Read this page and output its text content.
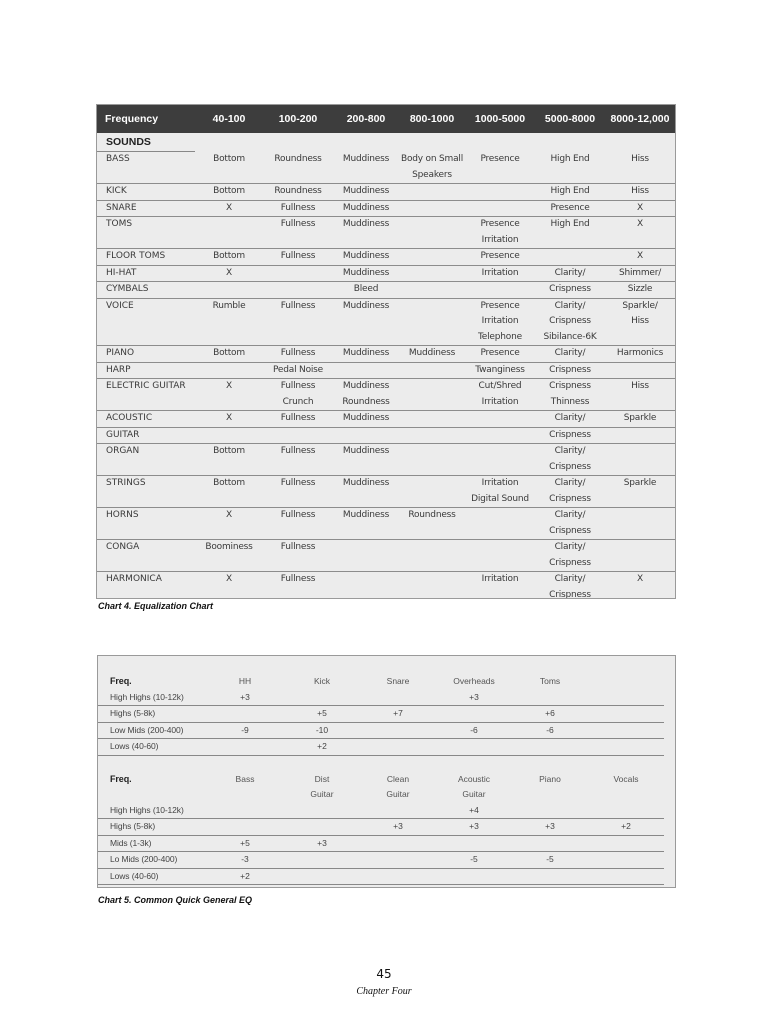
Frequency	40-100	100-200	200-800	800-1000	1000-5000	5000-8000	8000-12,000
SOUNDS							
BASS	Bottom	Roundness	Muddiness	Body on Small	Presence	High End	Hiss
				Speakers			
KICK	Bottom	Roundness	Muddiness			High End	Hiss
SNARE	X	Fullness	Muddiness			Presence	X
TOMS		Fullness	Muddiness		Presence	High End	X
					Irritation		
FLOOR TOMS	Bottom	Fullness	Muddiness		Presence		X
HI-HAT	X		Muddiness		Irritation	Clarity/	Shimmer/
CYMBALS			Bleed			Crispness	Sizzle
VOICE	Rumble	Fullness	Muddiness		Presence	Clarity/	Sparkle/
					Irritation	Crispness	Hiss
					Telephone	Sibilance-6K	
PIANO	Bottom	Fullness	Muddiness	Muddiness	Presence	Clarity/	Harmonics
HARP		Pedal Noise			Twanginess	Crispness	
ELECTRIC GUITAR	X	Fullness	Muddiness		Cut/Shred	Crispness	Hiss
		Crunch	Roundness		Irritation	Thinness	
ACOUSTIC	X	Fullness	Muddiness			Clarity/	Sparkle
GUITAR						Crispness	
ORGAN	Bottom	Fullness	Muddiness			Clarity/	
						Crispness	
STRINGS	Bottom	Fullness	Muddiness		Irritation	Clarity/	Sparkle
					Digital Sound	Crispness	
HORNS	X	Fullness	Muddiness	Roundness		Clarity/	
						Crispness	
CONGA	Boominess	Fullness				Clarity/	
						Crispness	
HARMONICA	X	Fullness			Irritation	Clarity/	X
						Crispness	
Chart 4. Equalization Chart
Freq.	HH	Kick	Snare	Overheads	Toms		
High Highs (10-12k)	+3			+3			
Highs (5-8k)		+5	+7		+6		
Low Mids (200-400)	-9	-10		-6	-6		
Lows (40-60)		+2					

Freq.	Bass	Dist	Clean	Acoustic	Piano	Vocals	
		Guitar	Guitar	Guitar			
High Highs (10-12k)				+4			
Highs (5-8k)			+3	+3	+3	+2	
Mids (1-3k)	+5	+3					
Lo Mids (200-400)	-3			-5	-5		
Lows (40-60)	+2						
Chart 5. Common Quick General EQ
45
Chapter Four
